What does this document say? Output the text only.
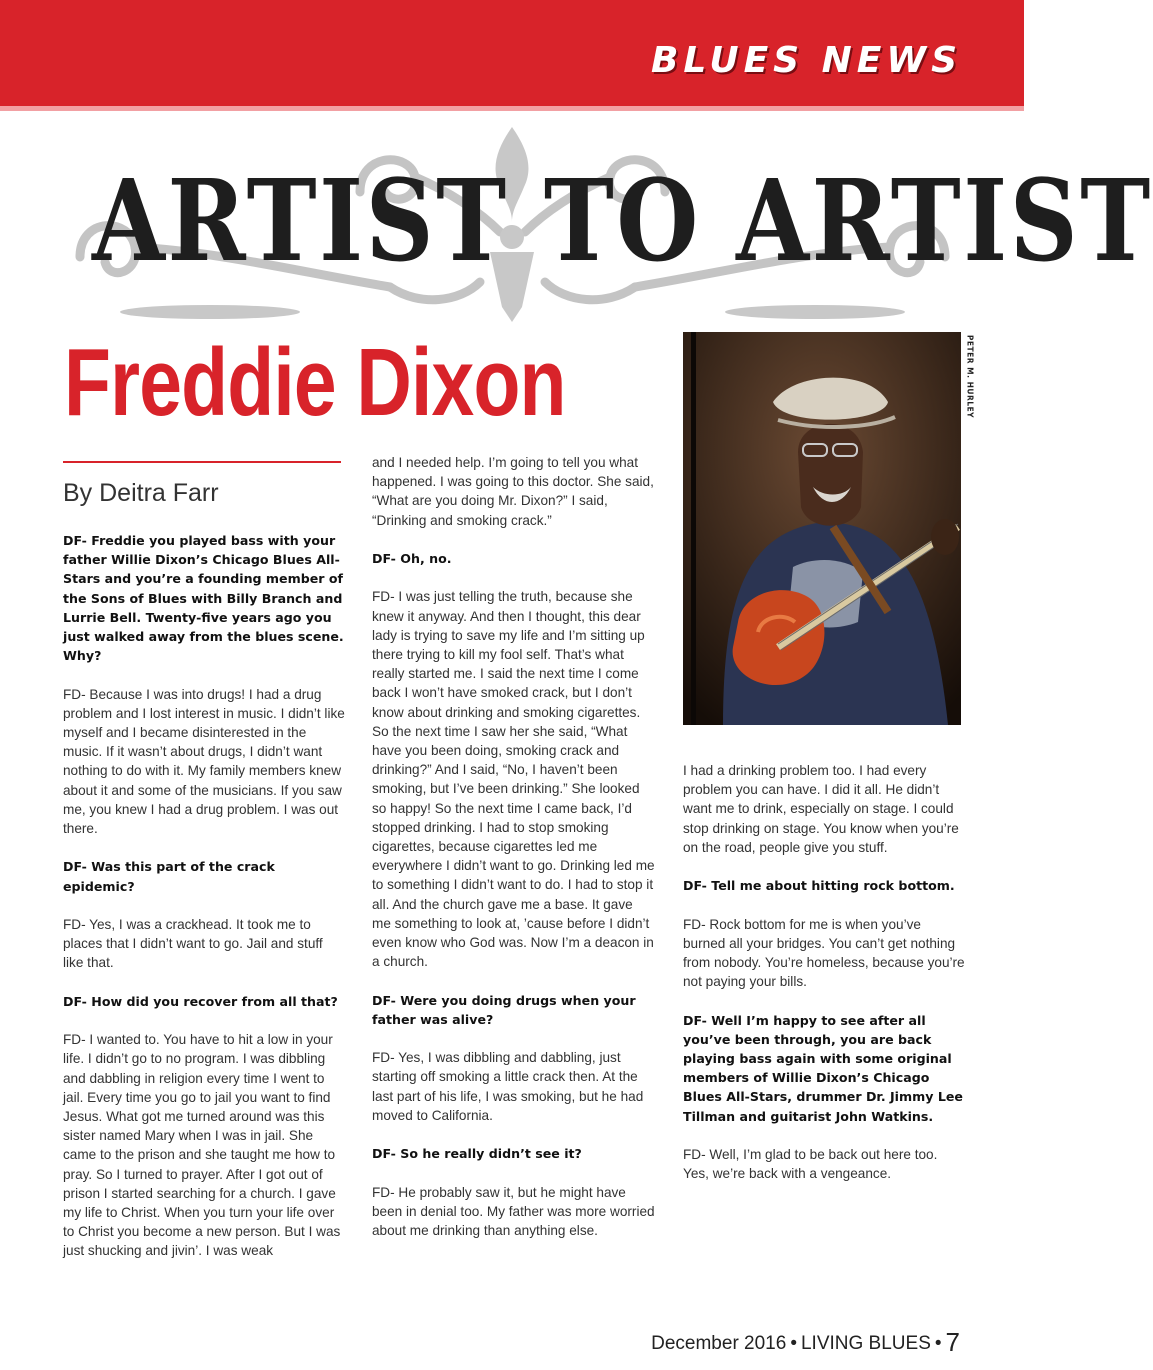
BLUES NEWS
ARTIST TO ARTIST
Freddie Dixon
By Deitra Farr

DF- Freddie you played bass with your father Willie Dixon’s Chicago Blues All-Stars and you’re a founding member of the Sons of Blues with Billy Branch and Lurrie Bell. Twenty-five years ago you just walked away from the blues scene. Why?

FD- Because I was into drugs! I had a drug problem and I lost interest in music. I didn’t like myself and I became disinterested in the music. If it wasn’t about drugs, I didn’t want nothing to do with it. My family members knew about it and some of the musicians. If you saw me, you knew I had a drug problem. I was out there.

DF- Was this part of the crack epidemic?

FD- Yes, I was a crackhead. It took me to places that I didn’t want to go. Jail and stuff like that.

DF- How did you recover from all that?

FD- I wanted to. You have to hit a low in your life. I didn’t go to no program. I was dibbling and dabbling in religion every time I went to jail. Every time you go to jail you want to find Jesus. What got me turned around was this sister named Mary when I was in jail. She came to the prison and she taught me how to pray. So I turned to prayer. After I got out of prison I started searching for a church. I gave my life to Christ. When you turn your life over to Christ you become a new person. But I was just shucking and jivin’. I was weak

and I needed help. I’m going to tell you what happened. I was going to this doctor. She said, “What are you doing Mr. Dixon?” I said, “Drinking and smoking crack.”

DF- Oh, no.

FD- I was just telling the truth, because she knew it anyway. And then I thought, this dear lady is trying to save my life and I’m sitting up there trying to kill my fool self. That’s what really started me. I said the next time I come back I won’t have smoked crack, but I don’t know about drinking and smoking cigarettes. So the next time I saw her she said, “What have you been doing, smoking crack and drinking?” And I said, “No, I haven’t been smoking, but I’ve been drinking.” She looked so happy! So the next time I came back, I’d stopped drinking. I had to stop smoking cigarettes, because cigarettes led me everywhere I didn’t want to go. Drinking led me to something I didn’t want to do. I had to stop it all. And the church gave me a base. It gave me something to look at, ’cause before I didn’t even know who God was. Now I’m a deacon in a church.

DF- Were you doing drugs when your father was alive?

FD- Yes, I was dibbling and dabbling, just starting off smoking a little crack then. At the last part of his life, I was smoking, but he had moved to California.

DF- So he really didn’t see it?

FD- He probably saw it, but he might have been in denial too. My father was more worried about me drinking than anything else.

PETER M. HURLEY

I had a drinking problem too. I had every problem you can have. I did it all. He didn’t want me to drink, especially on stage. I could stop drinking on stage. You know when you’re on the road, people give you stuff.

DF- Tell me about hitting rock bottom.

FD- Rock bottom for me is when you’ve burned all your bridges. You can’t get nothing from nobody. You’re homeless, because you’re not paying your bills.

DF- Well I’m happy to see after all you’ve been through, you are back playing bass again with some original members of Willie Dixon’s Chicago Blues All-Stars, drummer Dr. Jimmy Lee Tillman and guitarist John Watkins.

FD- Well, I’m glad to be back out here too. Yes, we’re back with a vengeance.

December 2016 • LIVING BLUES • 7
